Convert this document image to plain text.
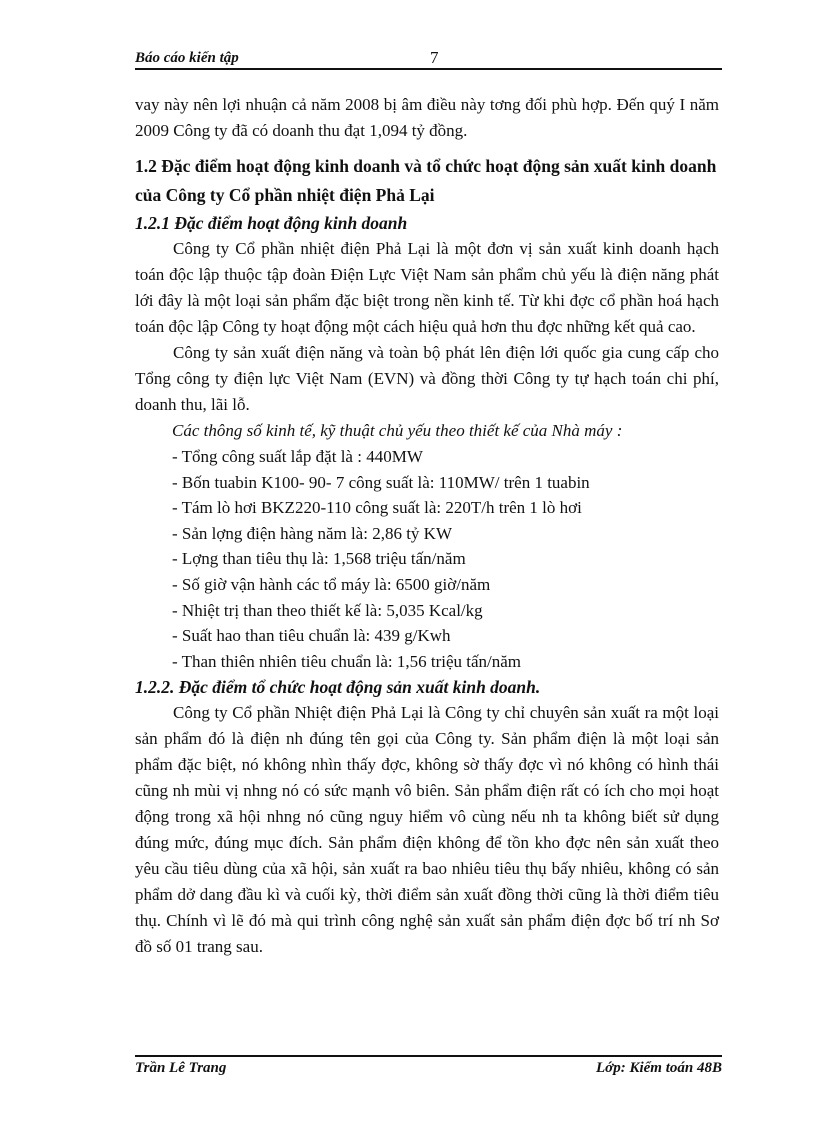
Báo cáo kiến tập	7

vay này nên lợi nhuận cả năm 2008 bị âm điều này tơng đối phù hợp. Đến quý I năm 2009 Công ty đã có doanh thu đạt 1,094 tỷ đồng.

1.2 Đặc điểm hoạt động kinh doanh và tổ chức hoạt động sản xuất kinh doanh của Công ty Cổ phần nhiệt điện Phả Lại
1.2.1 Đặc điểm hoạt động kinh doanh

Công ty Cổ phần nhiệt điện Phả Lại là một đơn vị sản xuất kinh doanh hạch toán độc lập thuộc tập đoàn Điện Lực Việt Nam sản phẩm chủ yếu là điện năng phát lới đây là một loại sản phẩm đặc biệt trong nền kinh tế. Từ khi đợc cổ phần hoá hạch toán độc lập Công ty hoạt động một cách hiệu quả hơn thu đợc những kết quả cao.

Công ty sản xuất điện năng và toàn bộ phát lên điện lới quốc gia cung cấp cho Tổng công ty điện lực Việt Nam (EVN) và đồng thời Công ty tự hạch toán chi phí, doanh thu, lãi lỗ.

Các thông số kinh tế, kỹ thuật chủ yếu theo thiết kế của Nhà máy :
- Tổng công suất lắp đặt là : 440MW
- Bốn tuabin K100- 90- 7 công suất là: 110MW/ trên 1 tuabin
- Tám lò hơi BKZ220-110 công suất là: 220T/h trên 1 lò hơi
- Sản lợng điện hàng năm là: 2,86 tỷ KW
- Lợng than tiêu thụ là: 1,568 triệu tấn/năm
- Số giờ vận hành các tổ máy là: 6500 giờ/năm
- Nhiệt trị than theo thiết kế là: 5,035 Kcal/kg
- Suất hao than tiêu chuẩn là: 439 g/Kwh
- Than thiên nhiên tiêu chuẩn là: 1,56 triệu tấn/năm
1.2.2. Đặc điểm tổ chức hoạt động sản xuất kinh doanh.

Công ty Cổ phần Nhiệt điện Phả Lại là Công ty chỉ chuyên sản xuất ra một loại sản phẩm đó là điện nh đúng tên gọi của Công ty. Sản phẩm điện là một loại sản phẩm đặc biệt, nó không nhìn thấy đợc, không sờ thấy đợc vì nó không có hình thái cũng nh mùi vị nhng nó có sức mạnh vô biên. Sản phẩm điện rất có ích cho mọi hoạt động trong xã hội nhng nó cũng nguy hiểm vô cùng nếu nh ta không biết sử dụng đúng mức, đúng mục đích. Sản phẩm điện không để tồn kho đợc nên sản xuất theo yêu cầu tiêu dùng của xã hội, sản xuất ra bao nhiêu tiêu thụ bấy nhiêu, không có sản phẩm dở dang đầu kì và cuối kỳ, thời điểm sản xuất đồng thời cũng là thời điểm tiêu thụ. Chính vì lẽ đó mà qui trình công nghệ sản xuất sản phẩm điện đợc bố trí nh Sơ đồ số 01 trang sau.

Trần Lê Trang	Lớp: Kiểm toán 48B
